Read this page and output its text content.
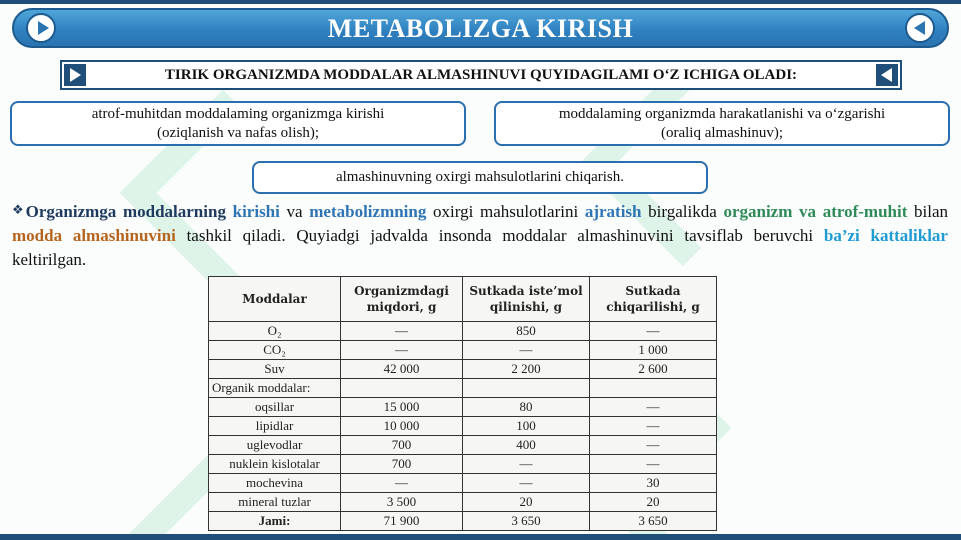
METABOLIZGA KIRISH
TIRIK ORGANIZMDA MODDALAR ALMASHINUVI QUYIDAGILAMI O‘Z ICHIGA OLADI:
atrof-muhitdan moddalaming organizmga kirishi
(oziqlanish va nafas olish);
moddalaming organizmda harakatlanishi va o‘zgarishi
(oraliq almashinuv);
almashinuvning oxirgi mahsulotlarini chiqarish.
❖ Organizmga moddalarning kirishi va metabolizmning oxirgi mahsulotlarini ajratish birgalikda organizm va atrof-muhit bilan modda almashinuvini tashkil qiladi. Quyiadgi jadvalda insonda moddalar almashinuvini tavsiflab beruvchi ba’zi kattaliklar keltirilgan.
Moddalar	Organizmdagi miqdori, g	Sutkada iste’mol qilinishi, g	Sutkada chiqarilishi, g
O₂	—	850	—
CO₂	—	—	1 000
Suv	42 000	2 200	2 600
Organik moddalar:			
oqsillar	15 000	80	—
lipidlar	10 000	100	—
uglevodlar	700	400	—
nuklein kislotalar	700	—	—
mochevina	—	—	30
mineral tuzlar	3 500	20	20
Jami:	71 900	3 650	3 650
